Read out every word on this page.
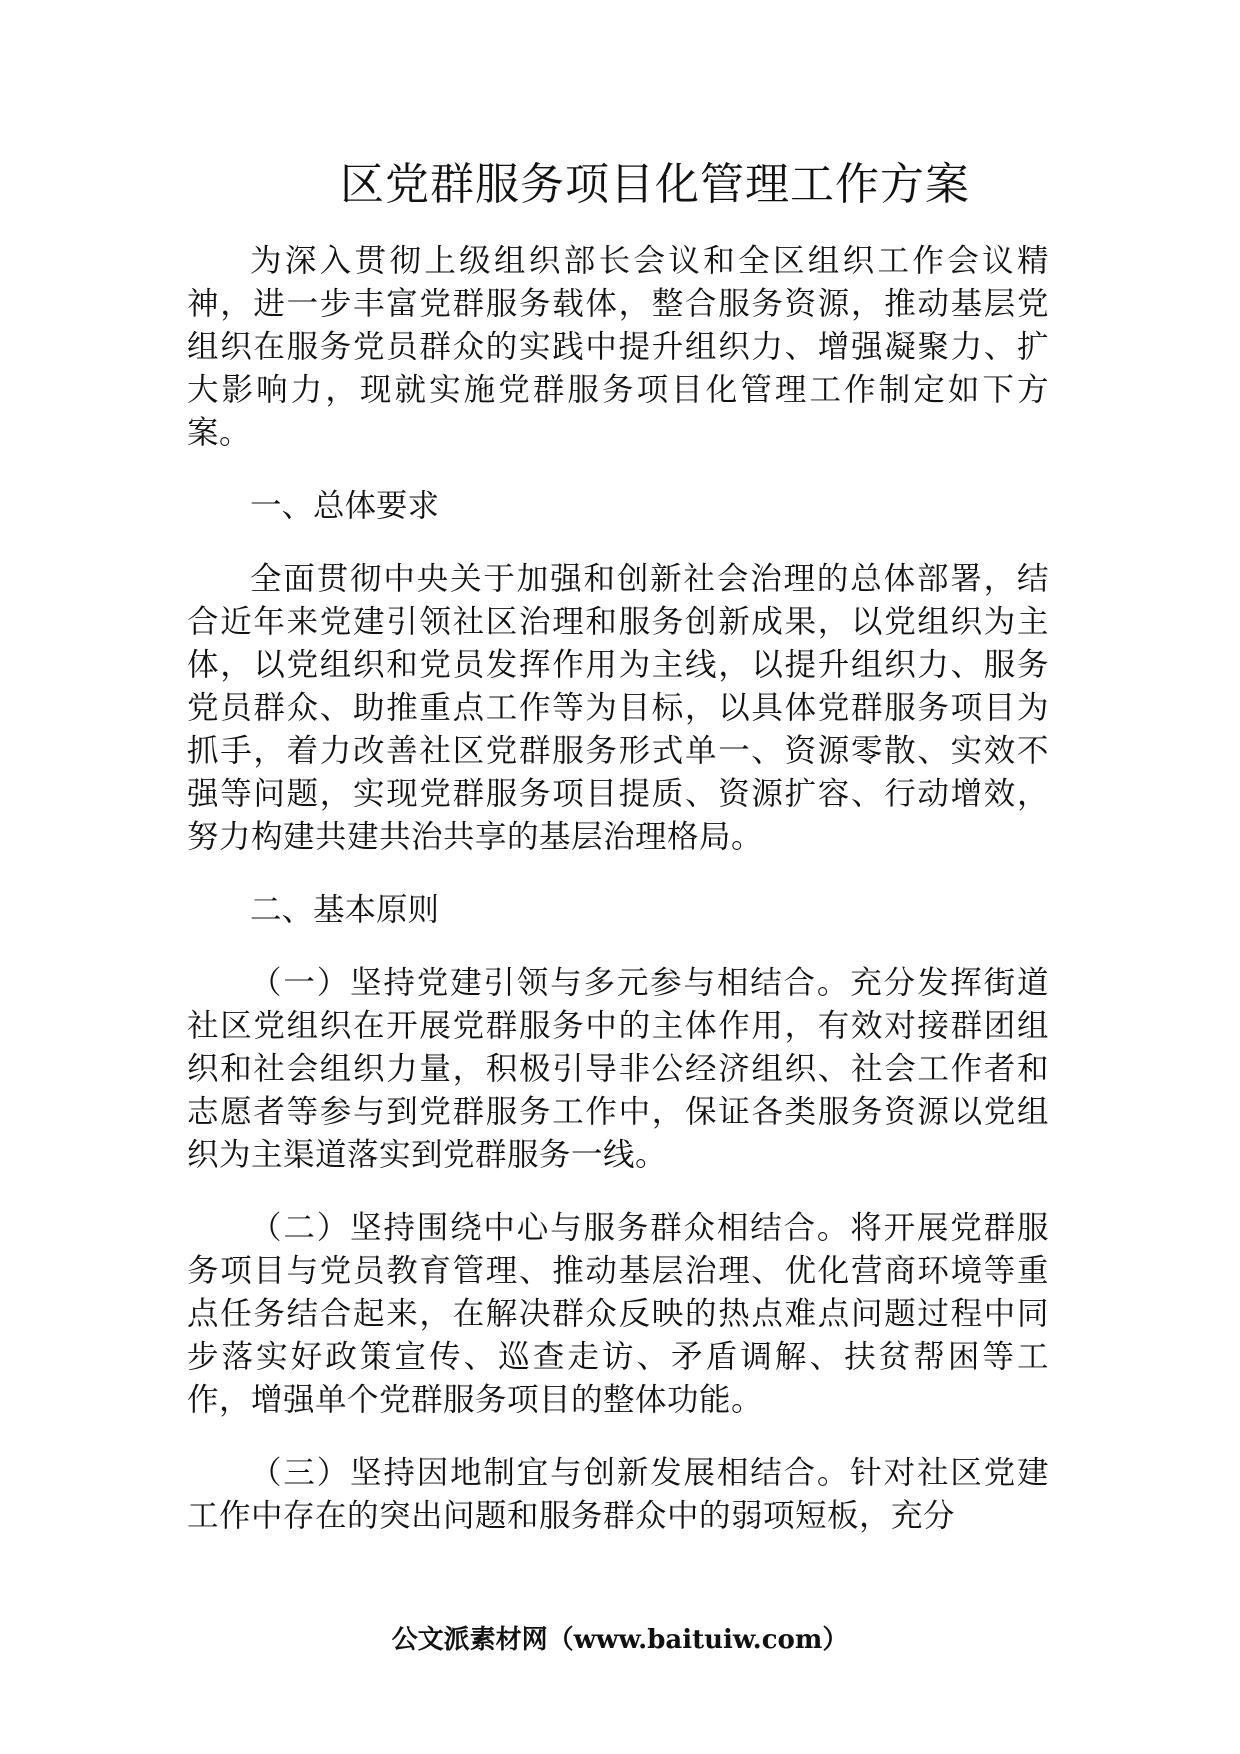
区党群服务项目化管理工作方案

为深入贯彻上级组织部长会议和全区组织工作会议精神，进一步丰富党群服务载体，整合服务资源，推动基层党组织在服务党员群众的实践中提升组织力、增强凝聚力、扩大影响力，现就实施党群服务项目化管理工作制定如下方案。

一、总体要求

全面贯彻中央关于加强和创新社会治理的总体部署，结合近年来党建引领社区治理和服务创新成果，以党组织为主体，以党组织和党员发挥作用为主线，以提升组织力、服务党员群众、助推重点工作等为目标，以具体党群服务项目为抓手，着力改善社区党群服务形式单一、资源零散、实效不强等问题，实现党群服务项目提质、资源扩容、行动增效，努力构建共建共治共享的基层治理格局。

二、基本原则

（一）坚持党建引领与多元参与相结合。充分发挥街道社区党组织在开展党群服务中的主体作用，有效对接群团组织和社会组织力量，积极引导非公经济组织、社会工作者和志愿者等参与到党群服务工作中，保证各类服务资源以党组织为主渠道落实到党群服务一线。

（二）坚持围绕中心与服务群众相结合。将开展党群服务项目与党员教育管理、推动基层治理、优化营商环境等重点任务结合起来，在解决群众反映的热点难点问题过程中同步落实好政策宣传、巡查走访、矛盾调解、扶贫帮困等工作，增强单个党群服务项目的整体功能。

（三）坚持因地制宜与创新发展相结合。针对社区党建工作中存在的突出问题和服务群众中的弱项短板，充分

公文派素材网（www.baituiw.com）
